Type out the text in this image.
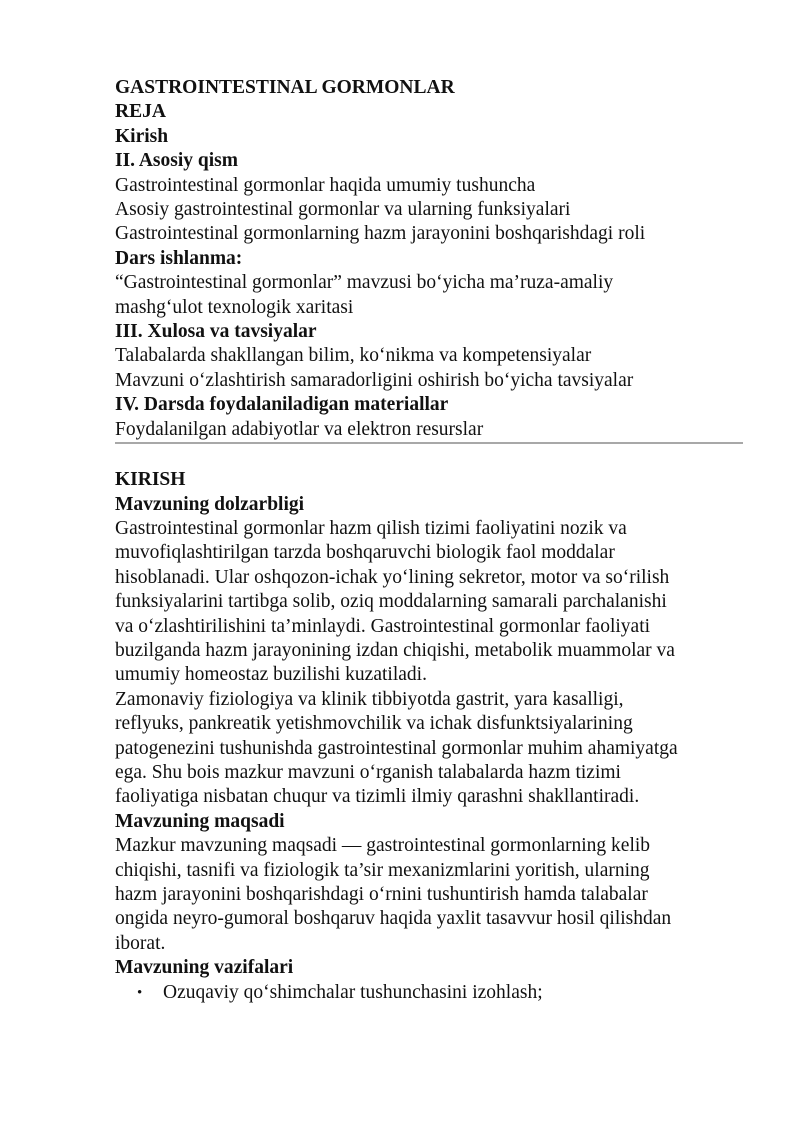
GASTROINTESTINAL GORMONLAR
REJA
Kirish
II. Asosiy qism
Gastrointestinal gormonlar haqida umumiy tushuncha
Asosiy gastrointestinal gormonlar va ularning funksiyalari
Gastrointestinal gormonlarning hazm jarayonini boshqarishdagi roli
Dars ishlanma:
“Gastrointestinal gormonlar” mavzusi bo‘yicha ma’ruza-amaliy
mashg‘ulot texnologik xaritasi
III. Xulosa va tavsiyalar
Talabalarda shakllangan bilim, ko‘nikma va kompetensiyalar
Mavzuni o‘zlashtirish samaradorligini oshirish bo‘yicha tavsiyalar
IV. Darsda foydalaniladigan materiallar
Foydalanilgan adabiyotlar va elektron resurslar
KIRISH
Mavzuning dolzarbligi
Gastrointestinal gormonlar hazm qilish tizimi faoliyatini nozik va
muvofiqlashtirilgan tarzda boshqaruvchi biologik faol moddalar
hisoblanadi. Ular oshqozon-ichak yo‘lining sekretor, motor va so‘rilish
funksiyalarini tartibga solib, oziq moddalarning samarali parchalanishi
va o‘zlashtirilishini ta’minlaydi. Gastrointestinal gormonlar faoliyati
buzilganda hazm jarayonining izdan chiqishi, metabolik muammolar va
umumiy homeostaz buzilishi kuzatiladi.
Zamonaviy fiziologiya va klinik tibbiyotda gastrit, yara kasalligi,
reflyuks, pankreatik yetishmovchilik va ichak disfunktsiyalarining
patogenezini tushunishda gastrointestinal gormonlar muhim ahamiyatga
ega. Shu bois mazkur mavzuni o‘rganish talabalarda hazm tizimi
faoliyatiga nisbatan chuqur va tizimli ilmiy qarashni shakllantiradi.
Mavzuning maqsadi
Mazkur mavzuning maqsadi — gastrointestinal gormonlarning kelib
chiqishi, tasnifi va fiziologik ta’sir mexanizmlarini yoritish, ularning
hazm jarayonini boshqarishdagi o‘rnini tushuntirish hamda talabalar
ongida neyro-gumoral boshqaruv haqida yaxlit tasavvur hosil qilishdan
iborat.
Mavzuning vazifalari
• Ozuqaviy qo‘shimchalar tushunchasini izohlash;
